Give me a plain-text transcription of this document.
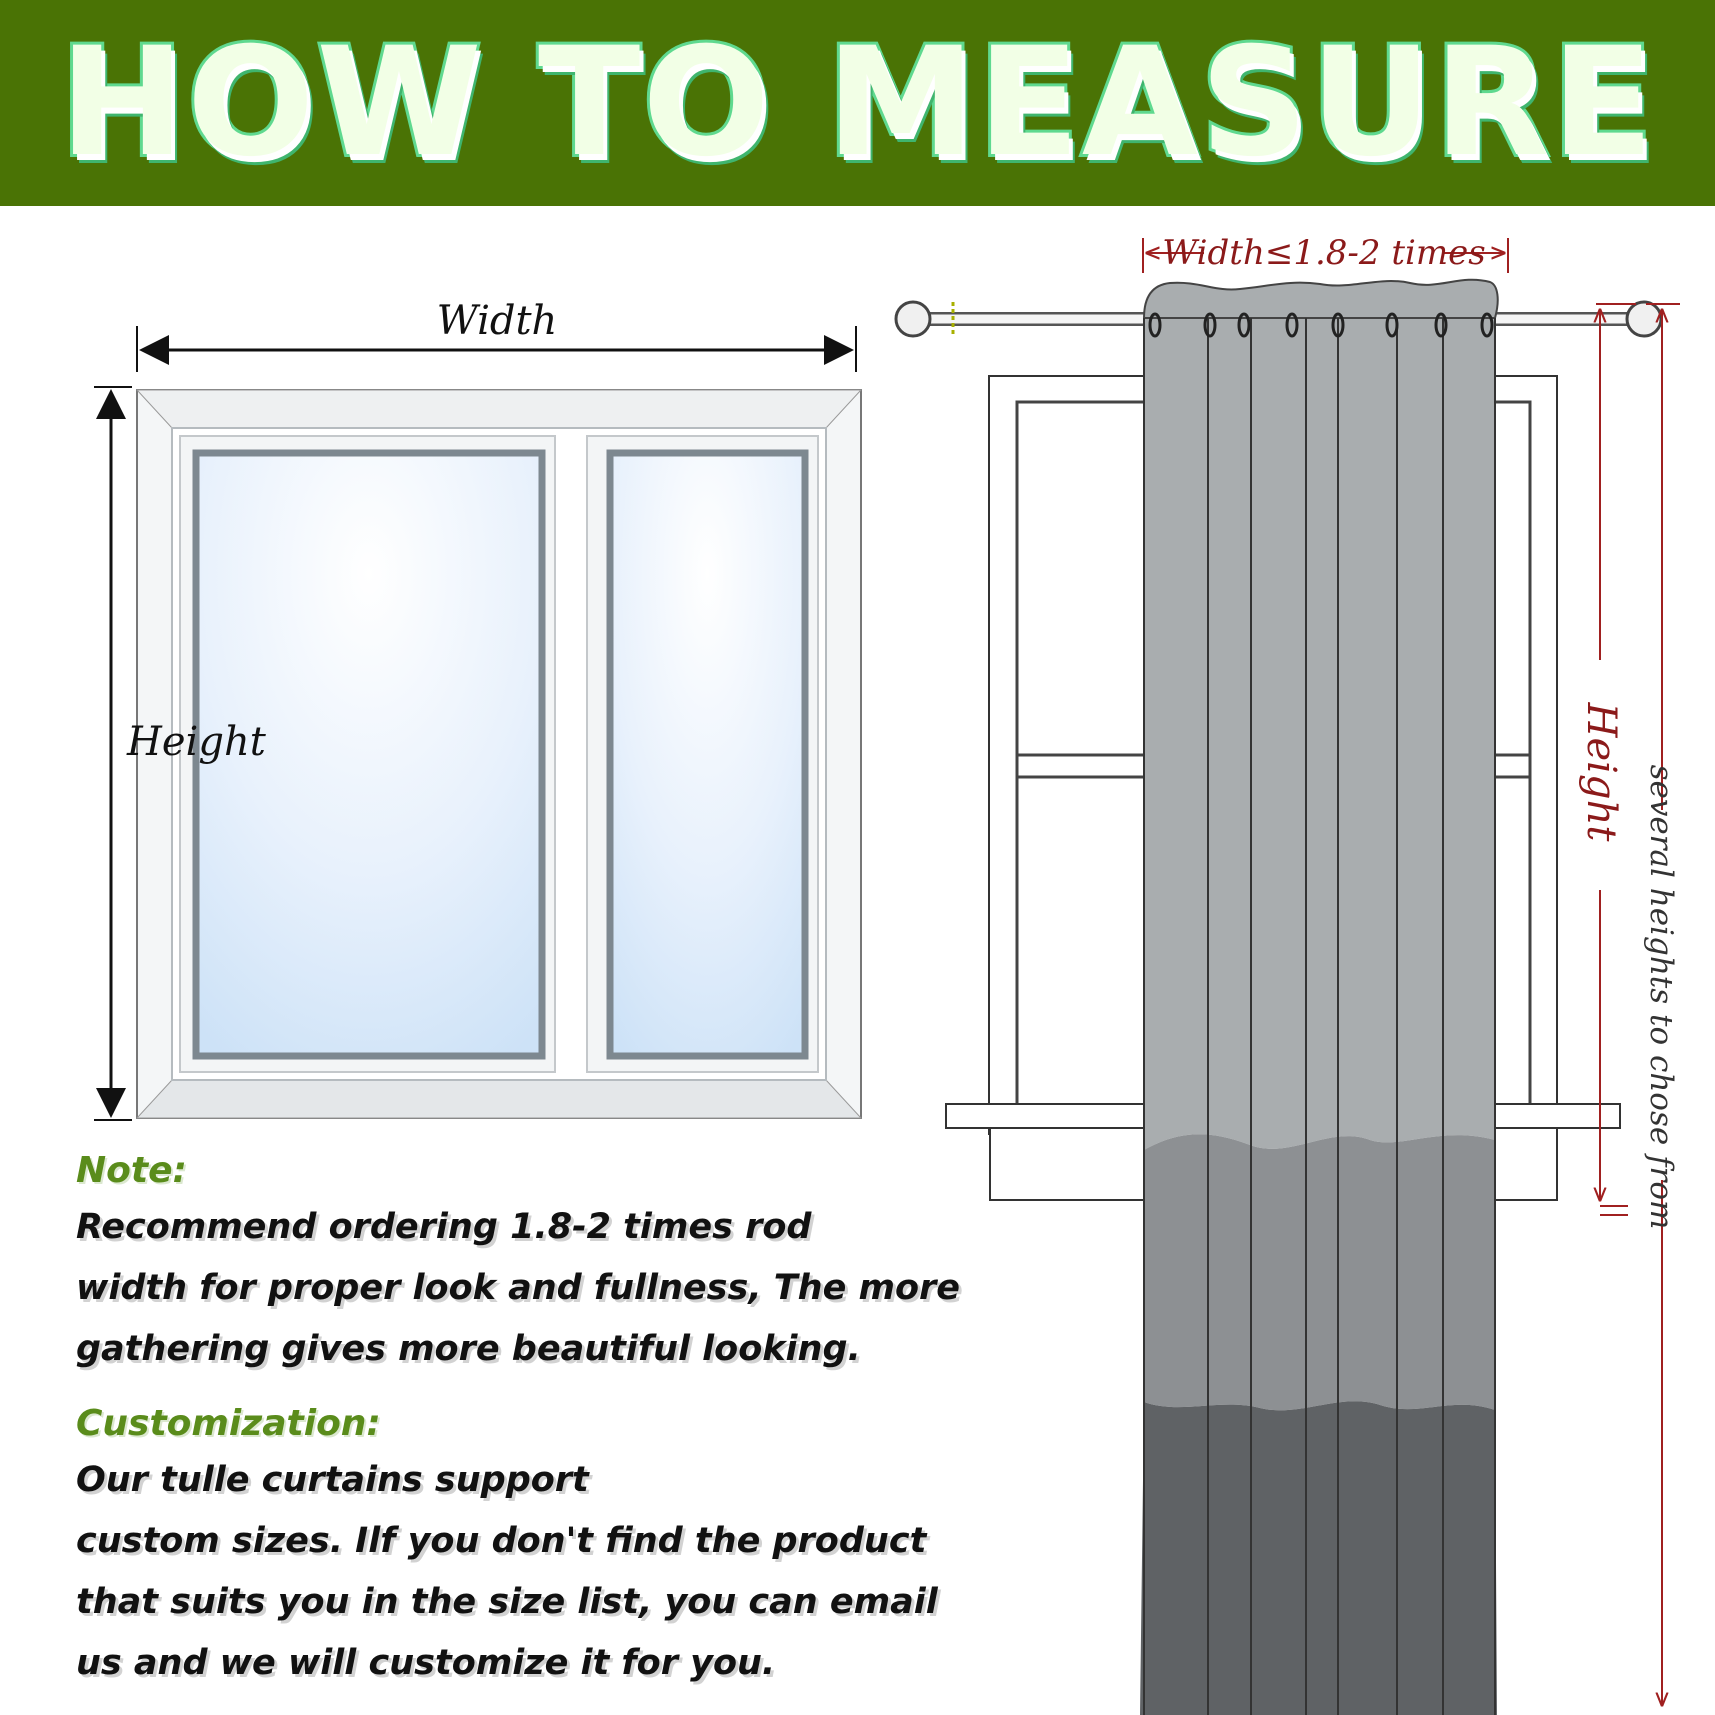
HOW TO MEASURE
Width
Height
Width≤1.8-2 times
Height several heights to chose from

Note:

Recommend ordering 1.8-2 times rod

width for proper look and fullness, The more

gathering gives more beautiful looking.

Customization:

Our tulle curtains support

custom sizes. Ilf you don't find the product

that suits you in the size list, you can email

us and we will customize it for you.
